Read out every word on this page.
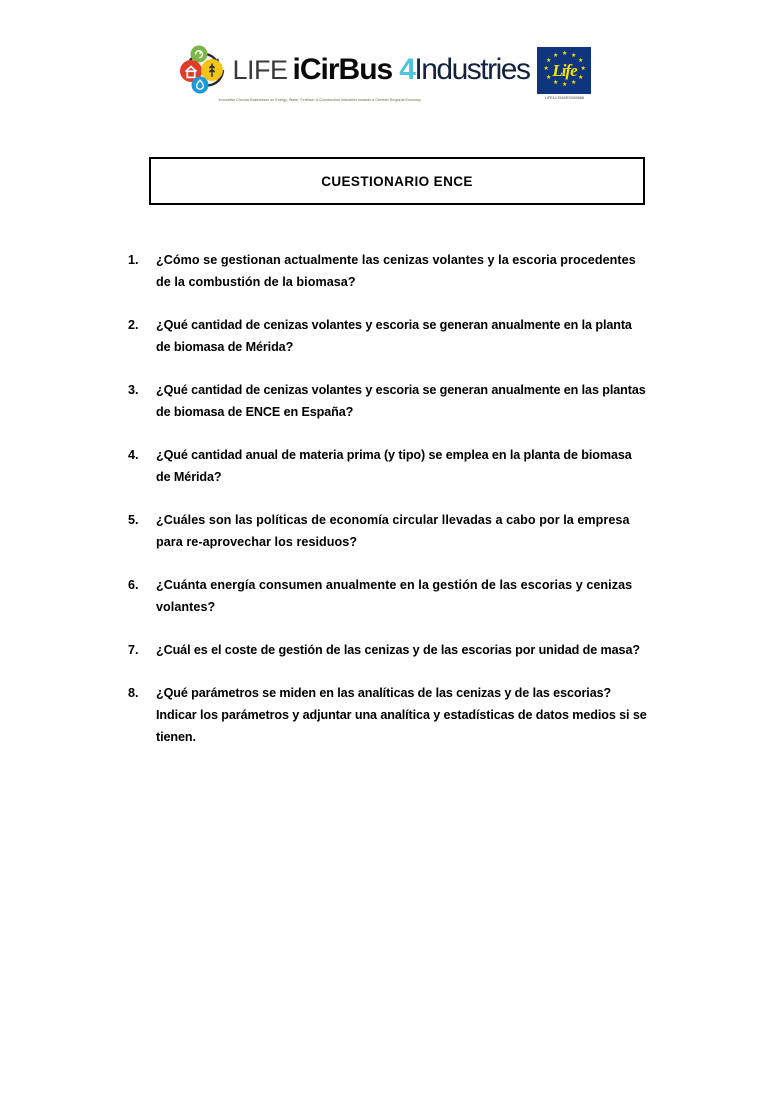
LIFE iCirBus 4 Industries
Innovative Circular Businesses on Energy, Water, Fertilizer & Construction Industries towards a Greener Regional Economy
★ ★
★
★
★
★
★
★
★
★
★
★
Life
LIFE14 ENV/ES/000688
CUESTIONARIO ENCE
1.	¿Cómo se gestionan actualmente las cenizas volantes y la escoria procedentes de la combustión de la biomasa?
2.	¿Qué cantidad de cenizas volantes y escoria se generan anualmente en la planta de biomasa de Mérida?
3.	¿Qué cantidad de cenizas volantes y escoria se generan anualmente en las plantas de biomasa de ENCE en España?
4.	¿Qué cantidad anual de materia prima (y tipo) se emplea en la planta de biomasa de Mérida?
5.	¿Cuáles son las políticas de economía circular llevadas a cabo por la empresa para re-aprovechar los residuos?
6.	¿Cuánta energía consumen anualmente en la gestión de las escorias y cenizas volantes?
7.	¿Cuál es el coste de gestión de las cenizas y de las escorias por unidad de masa?
8.	¿Qué parámetros se miden en las analíticas de las cenizas y de las escorias? Indicar los parámetros y adjuntar una analítica y estadísticas de datos medios si se tienen.
